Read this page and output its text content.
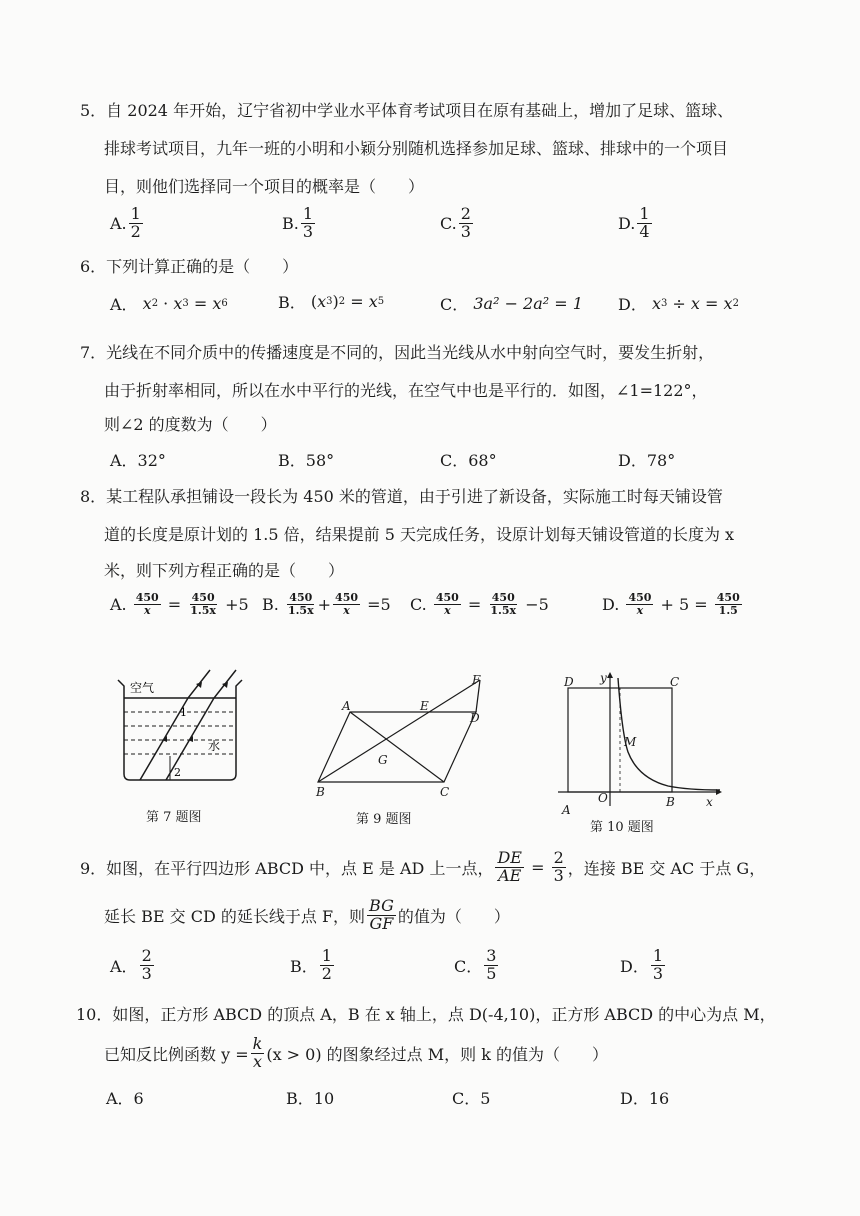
5．自 2024 年开始，辽宁省初中学业水平体育考试项目在原有基础上，增加了足球、篮球、
排球考试项目，九年一班的小明和小颖分别随机选择参加足球、篮球、排球中的一个项目
目，则他们选择同一个项目的概率是（　　）
A. $\frac{1}{2}$	B. $\frac{1}{3}$	C. $\frac{2}{3}$	D. $\frac{1}{4}$
6．下列计算正确的是（　　）
A．
x 2 · x 3 = x 6	B． ( x 3 ) 2 = x 5	C．
3a² − 2a² = 1 D．
x 3 ÷ x = x 2
7．光线在不同介质中的传播速度是不同的，因此当光线从水中射向空气时，要发生折射，
由于折射率相同，所以在水中平行的光线，在空气中也是平行的．如图，∠1=122°，
则∠2 的度数为（　　）
A．32°	B．58°	C．68°	D．78°
8．某工程队承担铺设一段长为 450 米的管道，由于引进了新设备，实际施工时每天铺设管
道的长度是原计划的 1.5 倍，结果提前 5 天完成任务，设原计划每天铺设管道的长度为 x
米，则下列方程正确的是（　　）
A.
$\frac{450}{x} = \frac{450}{1.5x}$
+5 B.
$\frac{450}{1.5x} + \frac{450}{x}$
=5 C.
$\frac{450}{x} = \frac{450}{1.5x}$
−5	D.
$\frac{450}{x}$
+ 5 =
$\frac{450}{1.5}$
空气
1
水
2
第 7 题图
A
B	C
D
E
F
G
第 9 题图
D	C
A
B
O
M
y
x
第 10 题图
9．如图，在平行四边形 ABCD 中，点 E 是 AD 上一点， $\frac{DE}{AE}$
=
$\frac{2}{3}$ ，连接 BE 交 AC 于点 G，
延长 BE 交 CD 的延长线于点 F，则 $\frac{BG}{GF}$ 的值为（　　）
A． $\frac{2}{3}$	B． $\frac{1}{2}$	C． $\frac{3}{5}$	D． $\frac{1}{3}$
10．如图，正方形 ABCD 的顶点 A，B 在 x 轴上，点 D(-4,10)，正方形 ABCD 的中心为点 M，
已知反比例函数 $y = \frac{k}{x} (x > 0)$ 的图象经过点 M，则 k 的值为（　　）
A．6	B．10	C．5	D．16
